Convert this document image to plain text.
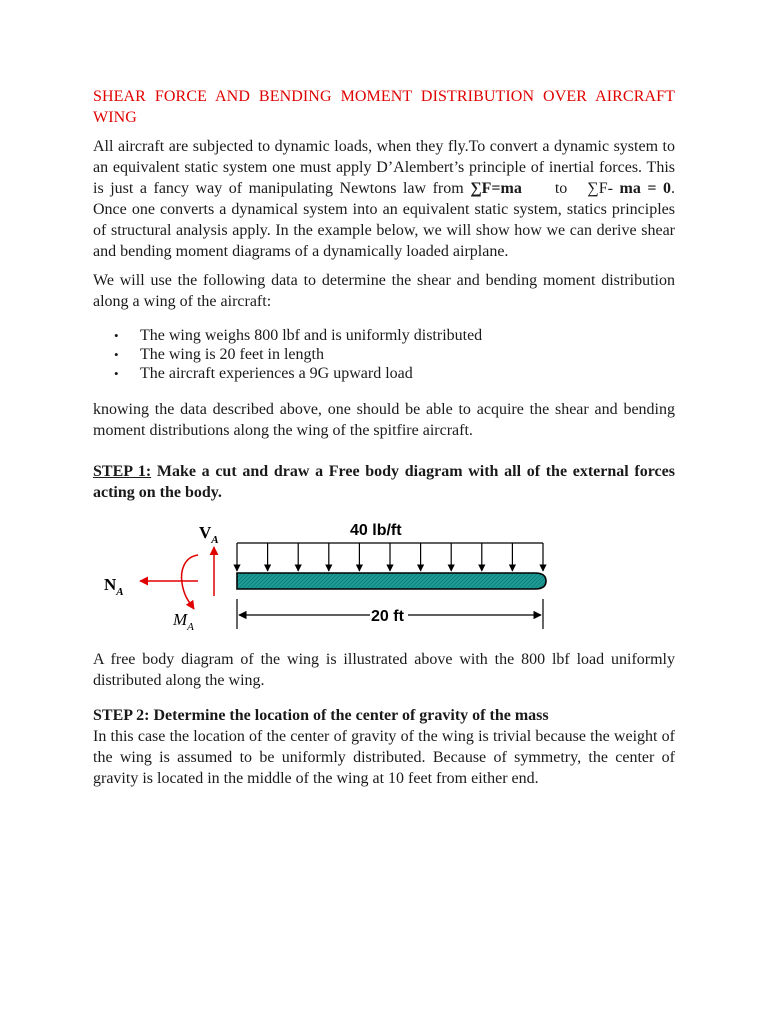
SHEAR FORCE AND BENDING MOMENT DISTRIBUTION OVER AIRCRAFT WING

All aircraft are subjected to dynamic loads, when they fly.To convert a dynamic system to an equivalent static system one must apply D’Alembert’s principle of inertial forces. This is just a fancy way of manipulating Newtons law from ∑F=ma to ∑F- ma = 0. Once one converts a dynamical system into an equivalent static system, statics principles of structural analysis apply. In the example below, we will show how we can derive shear and bending moment diagrams of a dynamically loaded airplane.

We will use the following data to determine the shear and bending moment distribution along a wing of the aircraft:

• The wing weighs 800 lbf and is uniformly distributed
• The wing is 20 feet in length
• The aircraft experiences a 9G upward load

knowing the data described above, one should be able to acquire the shear and bending moment distributions along the wing of the spitfire aircraft.

STEP 1: Make a cut and draw a Free body diagram with all of the external forces acting on the body.

40 lb/ft
$V_A$
$N_A$
$M_A$
20 ft

A free body diagram of the wing is illustrated above with the 800 lbf load uniformly distributed along the wing.

STEP 2: Determine the location of the center of gravity of the mass

In this case the location of the center of gravity of the wing is trivial because the weight of the wing is assumed to be uniformly distributed. Because of symmetry, the center of gravity is located in the middle of the wing at 10 feet from either end.
